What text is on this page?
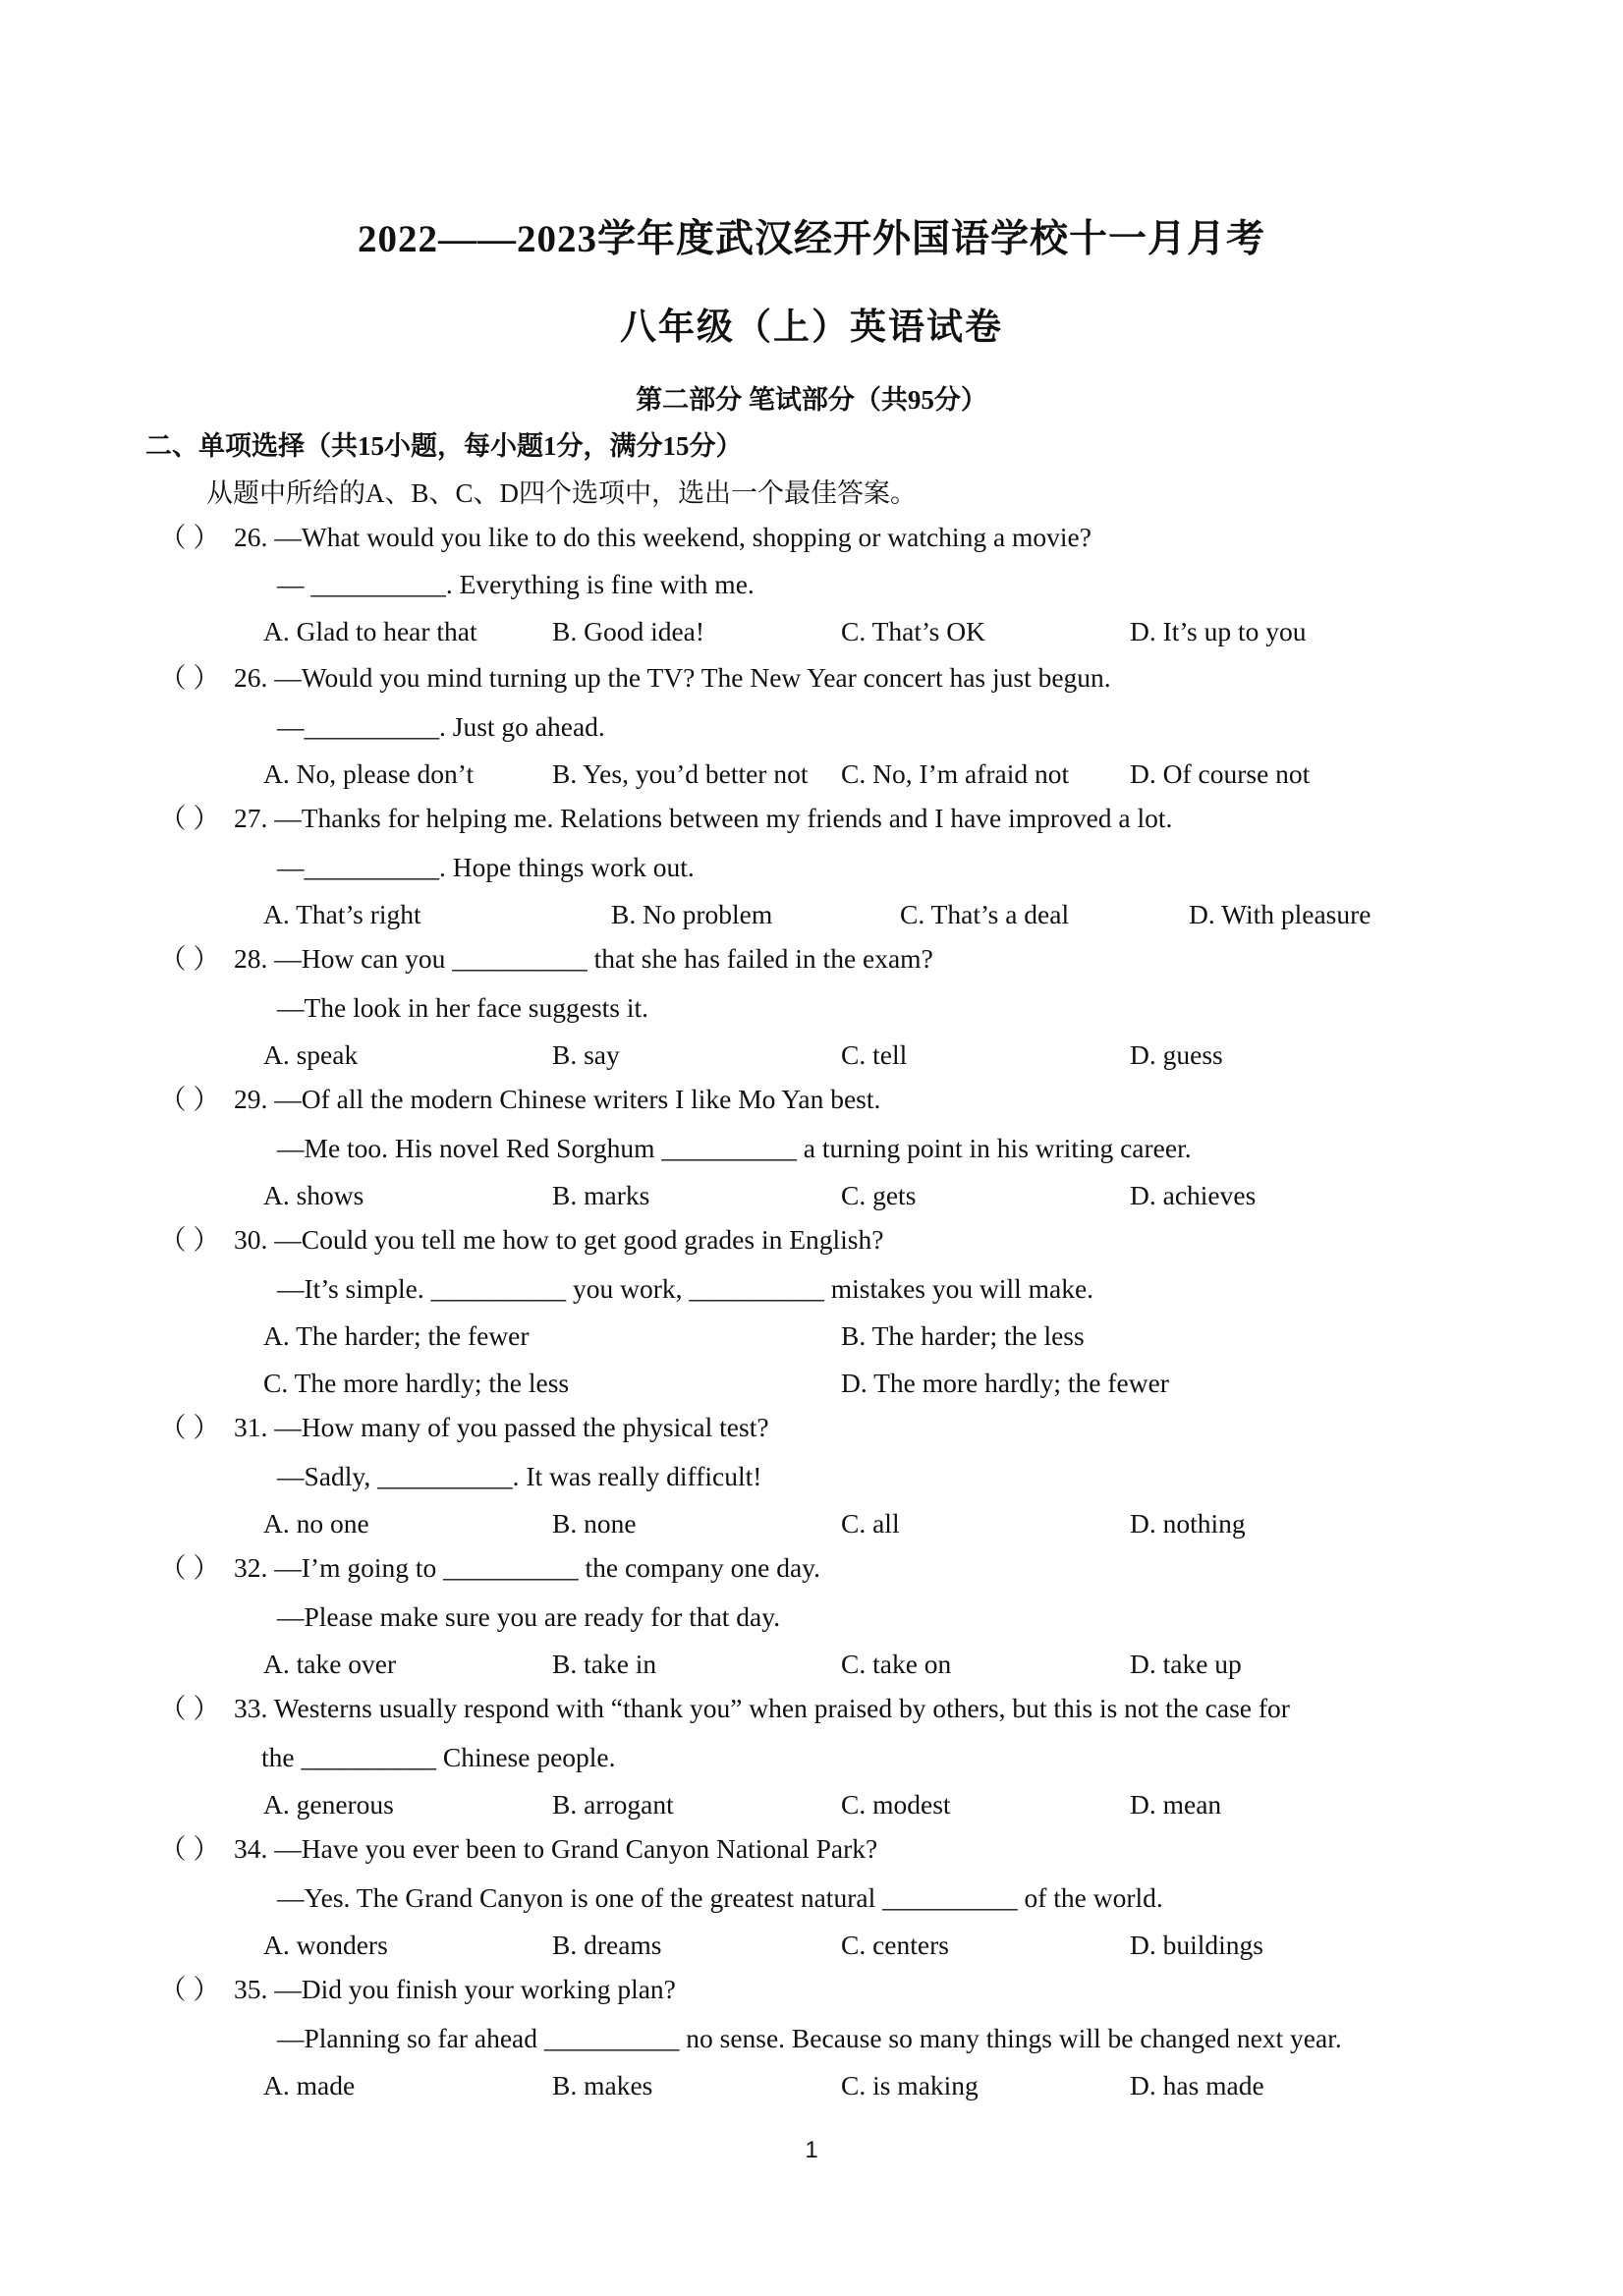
2022——2023学年度武汉经开外国语学校十一月月考
八年级（上）英语试卷
第二部分 笔试部分（共95分）
二、单项选择（共15小题，每小题1分，满分15分）
从题中所给的A、B、C、D四个选项中，选出一个最佳答案。
（ ） 26. —What would you like to do this weekend, shopping or watching a movie?
— __________. Everything is fine with me.
A. Glad to hear that	B. Good idea!	C. That’s OK	D. It’s up to you
（ ） 26. —Would you mind turning up the TV? The New Year concert has just begun.
—__________. Just go ahead.
A. No, please don’t	B. Yes, you’d better not C. No, I’m afraid not D. Of course not
（ ） 27. —Thanks for helping me. Relations between my friends and I have improved a lot.
—__________. Hope things work out.
A. That’s right	B. No problem	C. That’s a deal	D. With pleasure
（ ） 28. —How can you __________ that she has failed in the exam?
—The look in her face suggests it.
A. speak	B. say	C. tell	D. guess
（ ） 29. —Of all the modern Chinese writers I like Mo Yan best.
—Me too. His novel Red Sorghum __________ a turning point in his writing career.
A. shows	B. marks	C. gets	D. achieves
（ ） 30. —Could you tell me how to get good grades in English?
—It’s simple. __________ you work, __________ mistakes you will make.
A. The harder; the fewer	B. The harder; the less
C. The more hardly; the less	D. The more hardly; the fewer
（ ） 31. —How many of you passed the physical test?
—Sadly, __________. It was really difficult!
A. no one	B. none	C. all	D. nothing
（ ） 32. —I’m going to __________ the company one day.
—Please make sure you are ready for that day.
A. take over	B. take in	C. take on	D. take up
（ ） 33. Westerns usually respond with “thank you” when praised by others, but this is not the case for
the __________ Chinese people.
A. generous	B. arrogant	C. modest	D. mean
（ ） 34. —Have you ever been to Grand Canyon National Park?
—Yes. The Grand Canyon is one of the greatest natural __________ of the world.
A. wonders	B. dreams	C. centers	D. buildings
（ ） 35. —Did you finish your working plan?
—Planning so far ahead __________ no sense. Because so many things will be changed next year.
A. made	B. makes	C. is making	D. has made
1
